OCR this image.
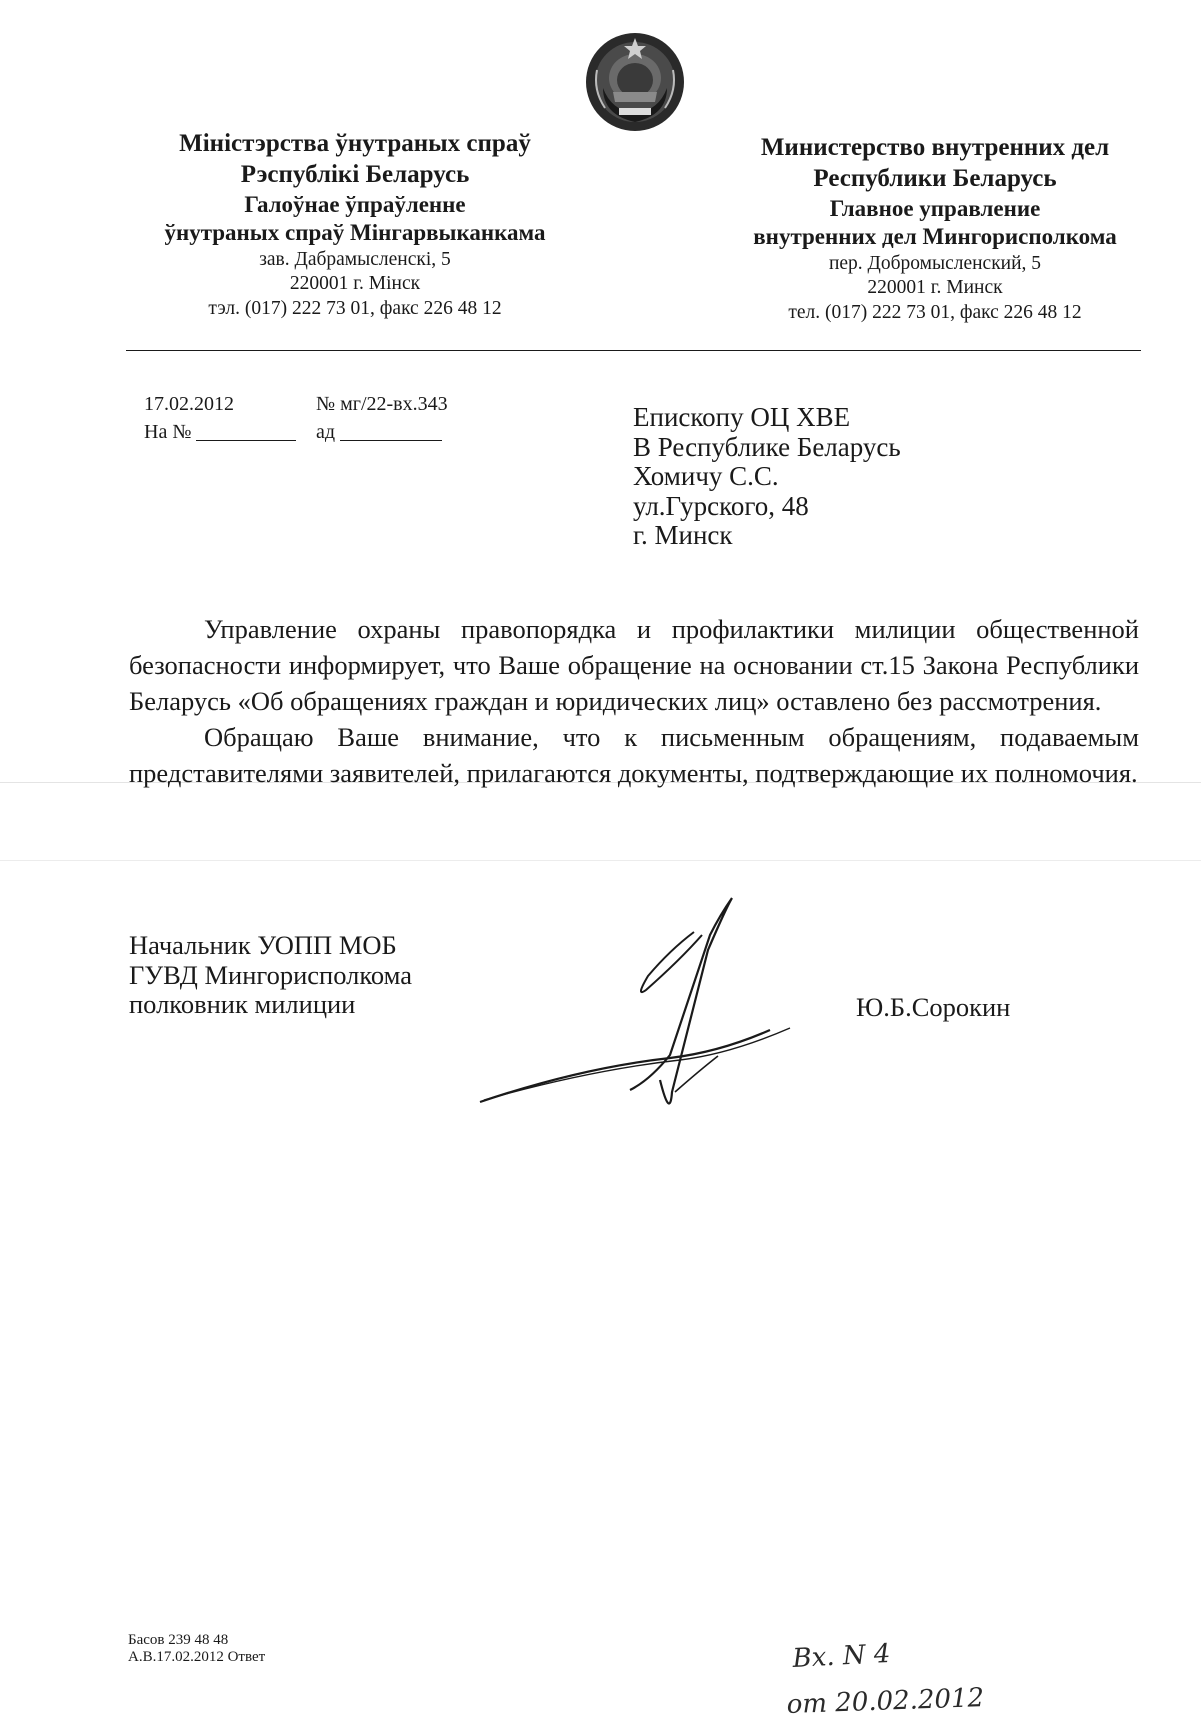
Міністэрства ўнутраных спраў
Рэспублікі Беларусь
Галоўнае ўпраўленне
ўнутраных спраў Мінгарвыканкама
зав. Дабрамысленскі, 5
220001 г. Мінск
тэл. (017) 222 73 01, факс 226 48 12
Министерство внутренних дел
Республики Беларусь
Главное управление
внутренних дел Мингорисполкома
пер. Добромысленский, 5
220001 г. Минск
тел. (017) 222 73 01, факс 226 48 12
17.02.2012	№ мг/22-вх.343
На №	ад	Епископу ОЦ ХВЕ
В Республике Беларусь
Хомичу С.С.
ул.Гурского, 48
г. Минск

Управление охраны правопорядка и профилактики милиции общественной безопасности информирует, что Ваше обращение на основании ст.15 Закона Республики Беларусь «Об обращениях граждан и юридических лиц» оставлено без рассмотрения.

Обращаю Ваше внимание, что к письменным обращениям, подаваемым представителями заявителей, прилагаются документы, подтверждающие их полномочия.

Начальник УОПП МОБ
ГУВД Мингорисполкома
полковник милиции	Ю.Б.Сорокин
Басов 239 48 48
А.В.17.02.2012 Ответ	Вх. N 4
от 20.02.2012
